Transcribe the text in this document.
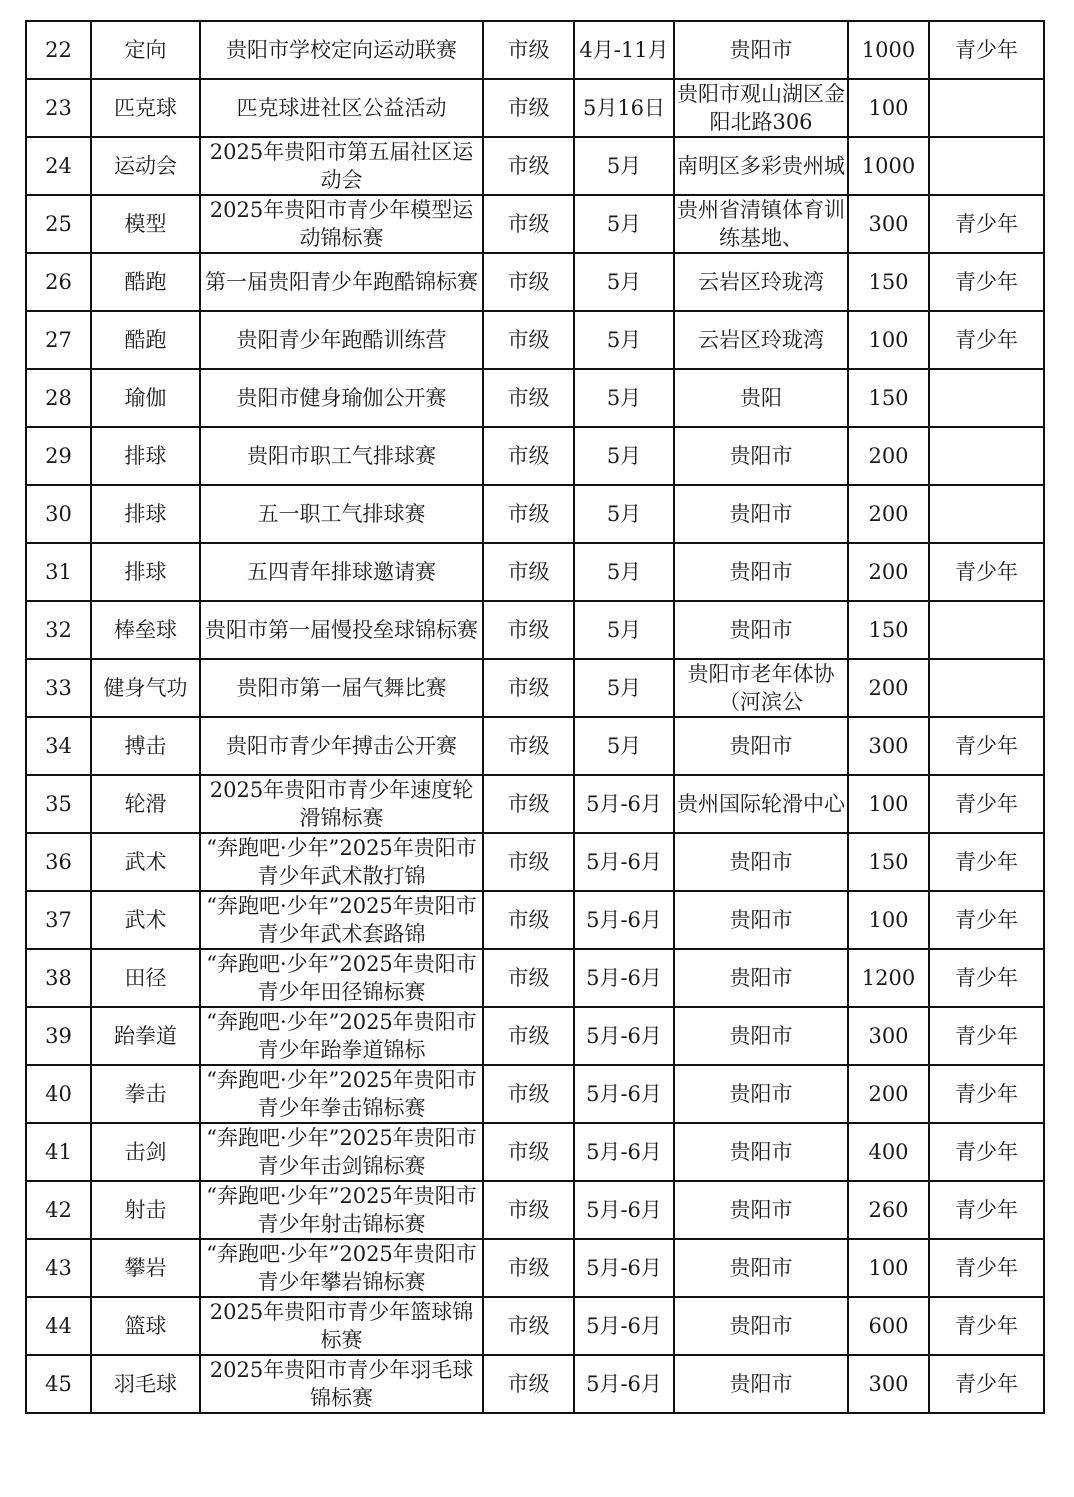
22	定向	贵阳市学校定向运动联赛	市级	4月-11月	贵阳市	1000	青少年
23	匹克球	匹克球进社区公益活动	市级	5月16日	贵阳市观山湖区金阳北路306	100	
24	运动会	2025年贵阳市第五届社区运动会	市级	5月	南明区多彩贵州城	1000	
25	模型	2025年贵阳市青少年模型运动锦标赛	市级	5月	贵州省清镇体育训练基地、	300	青少年
26	酷跑	第一届贵阳青少年跑酷锦标赛	市级	5月	云岩区玲珑湾	150	青少年
27	酷跑	贵阳青少年跑酷训练营	市级	5月	云岩区玲珑湾	100	青少年
28	瑜伽	贵阳市健身瑜伽公开赛	市级	5月	贵阳	150	
29	排球	贵阳市职工气排球赛	市级	5月	贵阳市	200	
30	排球	五一职工气排球赛	市级	5月	贵阳市	200	
31	排球	五四青年排球邀请赛	市级	5月	贵阳市	200	青少年
32	棒垒球	贵阳市第一届慢投垒球锦标赛	市级	5月	贵阳市	150	
33	健身气功	贵阳市第一届气舞比赛	市级	5月	贵阳市老年体协（河滨公	200	
34	搏击	贵阳市青少年搏击公开赛	市级	5月	贵阳市	300	青少年
35	轮滑	2025年贵阳市青少年速度轮滑锦标赛	市级	5月-6月	贵州国际轮滑中心	100	青少年
36	武术	“奔跑吧·少年”2025年贵阳市青少年武术散打锦	市级	5月-6月	贵阳市	150	青少年
37	武术	“奔跑吧·少年”2025年贵阳市青少年武术套路锦	市级	5月-6月	贵阳市	100	青少年
38	田径	“奔跑吧·少年”2025年贵阳市青少年田径锦标赛	市级	5月-6月	贵阳市	1200	青少年
39	跆拳道	“奔跑吧·少年”2025年贵阳市青少年跆拳道锦标	市级	5月-6月	贵阳市	300	青少年
40	拳击	“奔跑吧·少年”2025年贵阳市青少年拳击锦标赛	市级	5月-6月	贵阳市	200	青少年
41	击剑	“奔跑吧·少年”2025年贵阳市青少年击剑锦标赛	市级	5月-6月	贵阳市	400	青少年
42	射击	“奔跑吧·少年”2025年贵阳市青少年射击锦标赛	市级	5月-6月	贵阳市	260	青少年
43	攀岩	“奔跑吧·少年”2025年贵阳市青少年攀岩锦标赛	市级	5月-6月	贵阳市	100	青少年
44	篮球	2025年贵阳市青少年篮球锦标赛	市级	5月-6月	贵阳市	600	青少年
45	羽毛球	2025年贵阳市青少年羽毛球锦标赛	市级	5月-6月	贵阳市	300	青少年
